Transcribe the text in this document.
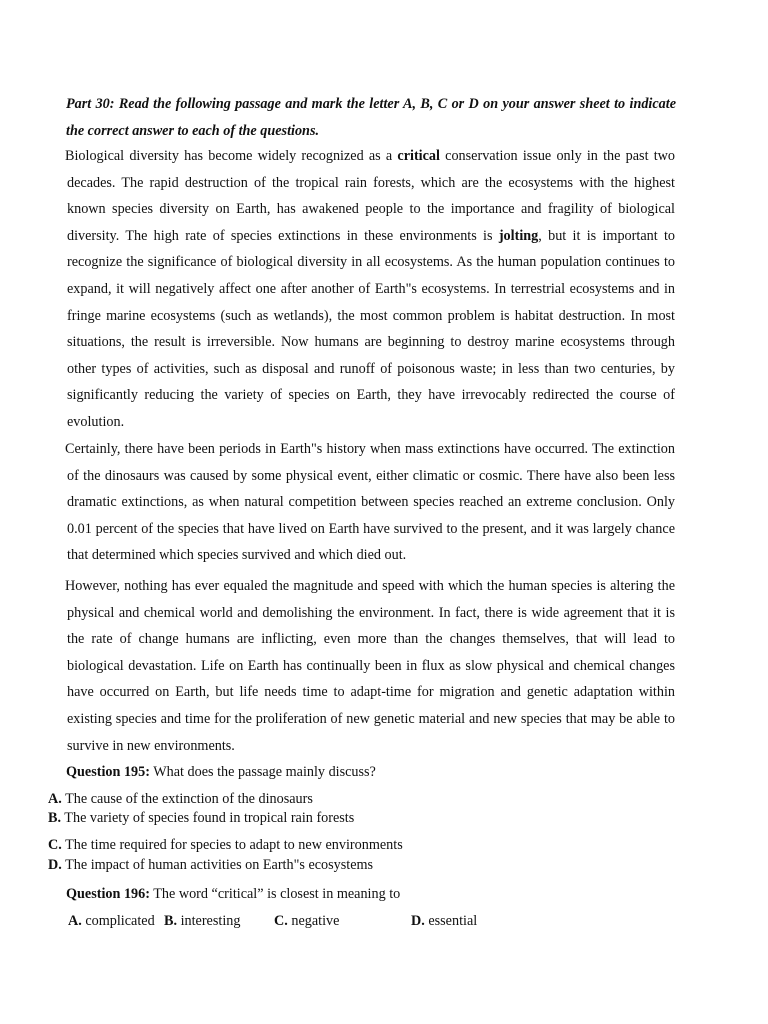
Part 30: Read the following passage and mark the letter A, B, C or D on your answer sheet to indicate the correct answer to each of the questions.
Biological diversity has become widely recognized as a critical conservation issue only in the past two decades. The rapid destruction of the tropical rain forests, which are the ecosystems with the highest known species diversity on Earth, has awakened people to the importance and fragility of biological diversity. The high rate of species extinctions in these environments is jolting, but it is important to recognize the significance of biological diversity in all ecosystems. As the human population continues to expand, it will negatively affect one after another of Earth"s ecosystems. In terrestrial ecosystems and in fringe marine ecosystems (such as wetlands), the most common problem is habitat destruction. In most situations, the result is irreversible. Now humans are beginning to destroy marine ecosystems through other types of activities, such as disposal and runoff of poisonous waste; in less than two centuries, by significantly reducing the variety of species on Earth, they have irrevocably redirected the course of evolution.
Certainly, there have been periods in Earth"s history when mass extinctions have occurred. The extinction of the dinosaurs was caused by some physical event, either climatic or cosmic. There have also been less dramatic extinctions, as when natural competition between species reached an extreme conclusion. Only 0.01 percent of the species that have lived on Earth have survived to the present, and it was largely chance that determined which species survived and which died out.
However, nothing has ever equaled the magnitude and speed with which the human species is altering the physical and chemical world and demolishing the environment. In fact, there is wide agreement that it is the rate of change humans are inflicting, even more than the changes themselves, that will lead to biological devastation. Life on Earth has continually been in flux as slow physical and chemical changes have occurred on Earth, but life needs time to adapt-time for migration and genetic adaptation within existing species and time for the proliferation of new genetic material and new species that may be able to survive in new environments.
Question 195: What does the passage mainly discuss?
A. The cause of the extinction of the dinosaurs
B. The variety of species found in tropical rain forests
C. The time required for species to adapt to new environments
D. The impact of human activities on Earth"s ecosystems
Question 196: The word “critical” is closest in meaning to
A. complicated B. interesting C. negative	D. essential
